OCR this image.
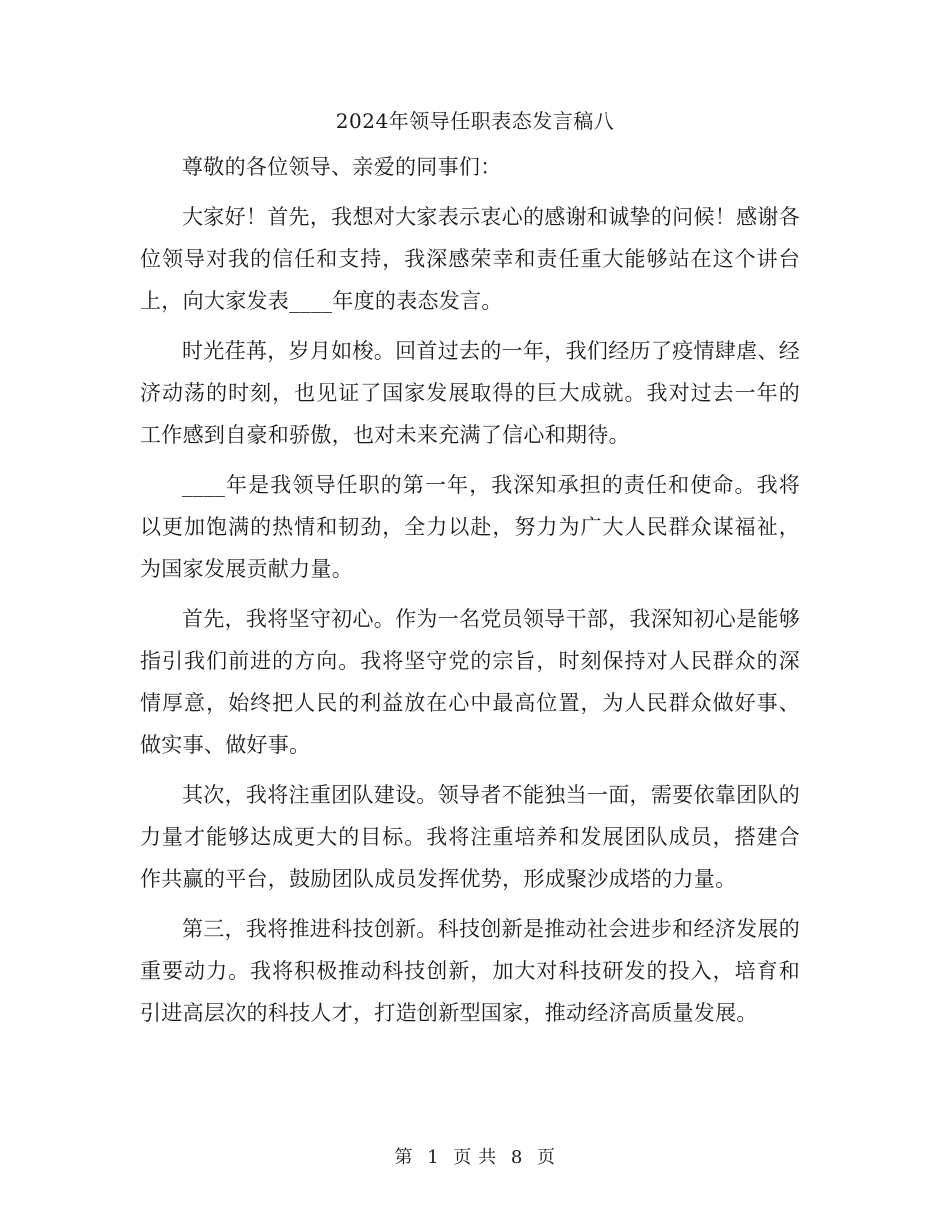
2024年领导任职表态发言稿八

尊敬的各位领导、亲爱的同事们：

大家好！首先，我想对大家表示衷心的感谢和诚挚的问候！感谢各位领导对我的信任和支持，我深感荣幸和责任重大能够站在这个讲台上，向大家发表____年度的表态发言。

时光荏苒，岁月如梭。回首过去的一年，我们经历了疫情肆虐、经济动荡的时刻，也见证了国家发展取得的巨大成就。我对过去一年的工作感到自豪和骄傲，也对未来充满了信心和期待。

____年是我领导任职的第一年，我深知承担的责任和使命。我将以更加饱满的热情和韧劲，全力以赴，努力为广大人民群众谋福祉，为国家发展贡献力量。

首先，我将坚守初心。作为一名党员领导干部，我深知初心是能够指引我们前进的方向。我将坚守党的宗旨，时刻保持对人民群众的深情厚意，始终把人民的利益放在心中最高位置，为人民群众做好事、做实事、做好事。

其次，我将注重团队建设。领导者不能独当一面，需要依靠团队的力量才能够达成更大的目标。我将注重培养和发展团队成员，搭建合作共赢的平台，鼓励团队成员发挥优势，形成聚沙成塔的力量。

第三，我将推进科技创新。科技创新是推动社会进步和经济发展的重要动力。我将积极推动科技创新，加大对科技研发的投入，培育和引进高层次的科技人才，打造创新型国家，推动经济高质量发展。

第 1 页 共 8 页
